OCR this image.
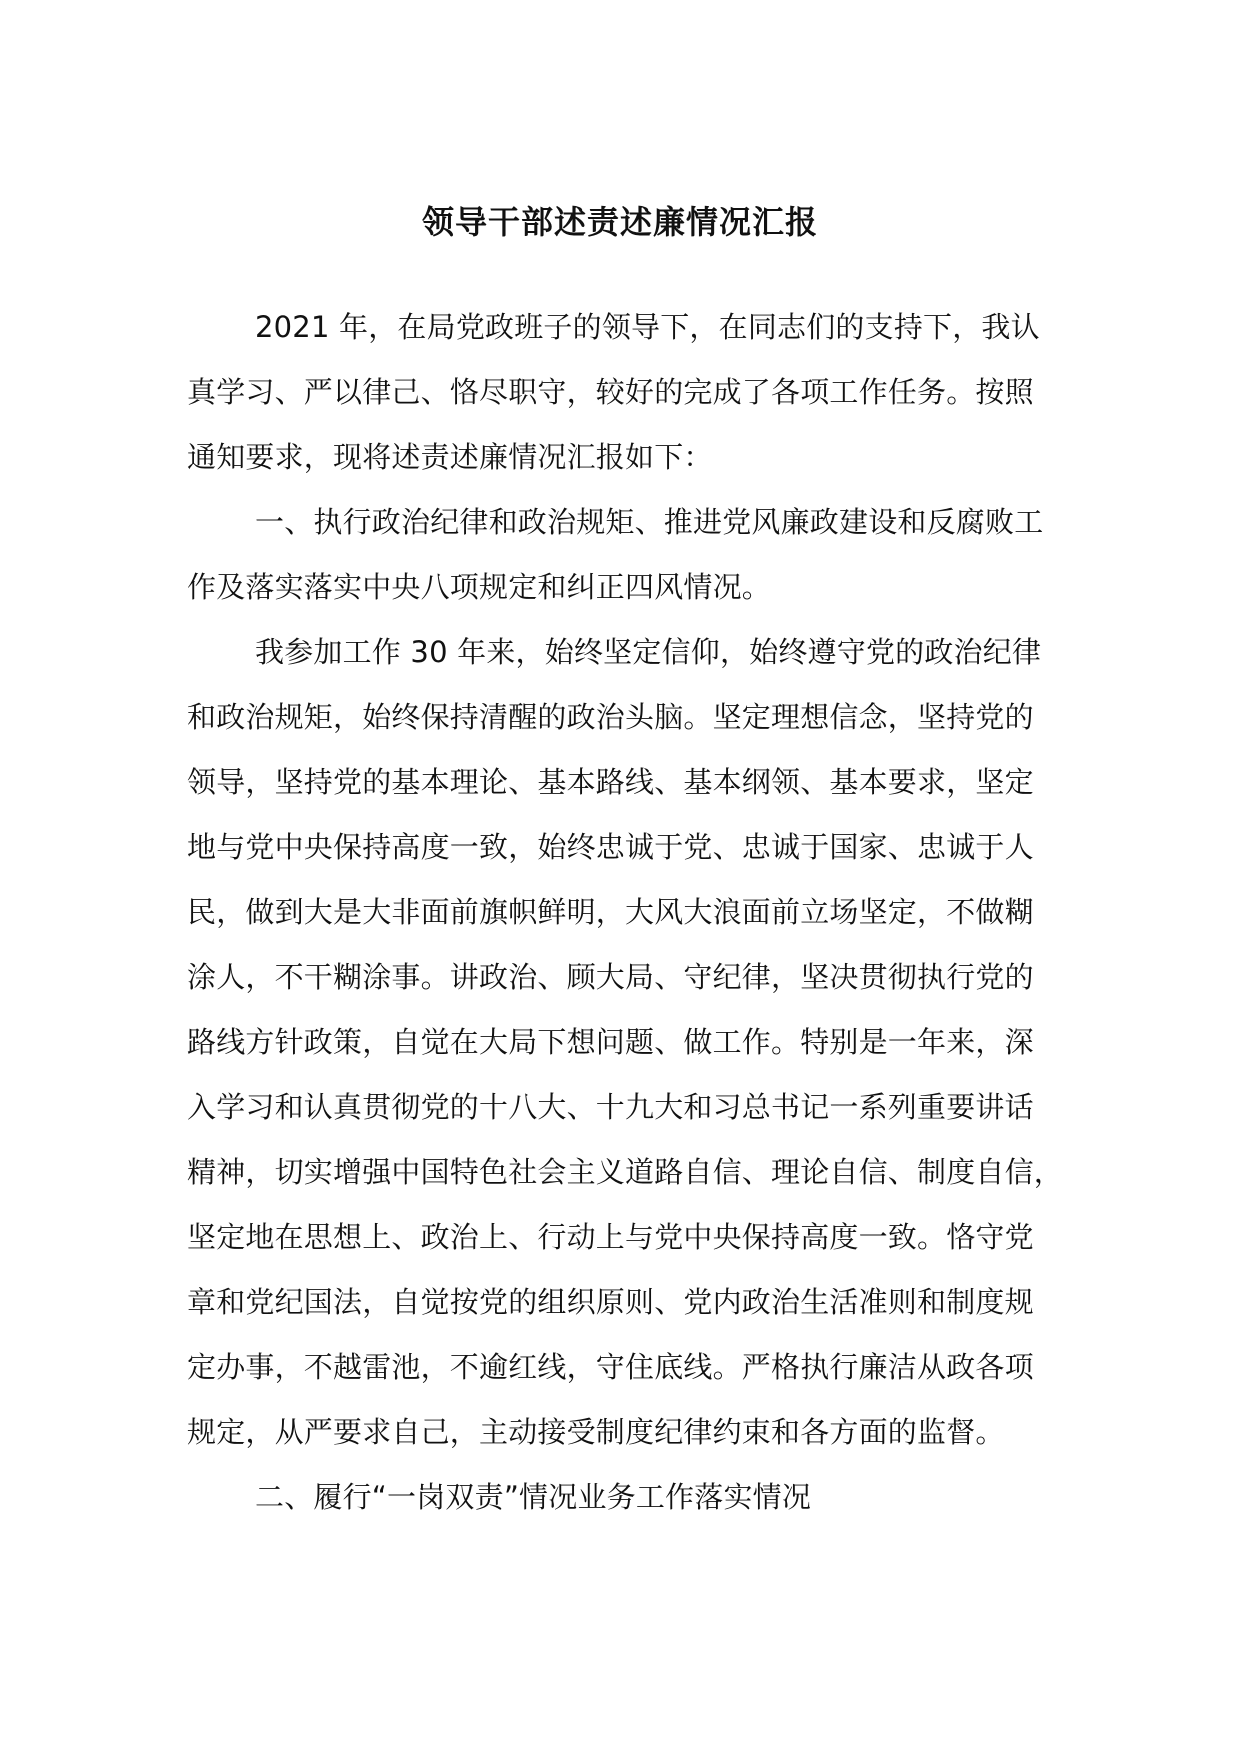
领导干部述责述廉情况汇报
2021 年，在局党政班子的领导下，在同志们的支持下，我认
真学习、严以律己、恪尽职守，较好的完成了各项工作任务。按照
通知要求，现将述责述廉情况汇报如下：
一、执行政治纪律和政治规矩、推进党风廉政建设和反腐败工
作及落实落实中央八项规定和纠正四风情况。
我参加工作 30 年来，始终坚定信仰，始终遵守党的政治纪律
和政治规矩，始终保持清醒的政治头脑。坚定理想信念，坚持党的
领导，坚持党的基本理论、基本路线、基本纲领、基本要求，坚定
地与党中央保持高度一致，始终忠诚于党、忠诚于国家、忠诚于人
民，做到大是大非面前旗帜鲜明，大风大浪面前立场坚定，不做糊
涂人，不干糊涂事。讲政治、顾大局、守纪律，坚决贯彻执行党的
路线方针政策，自觉在大局下想问题、做工作。特别是一年来，深
入学习和认真贯彻党的十八大、十九大和习总书记一系列重要讲话
精神，切实增强中国特色社会主义道路自信、理论自信、制度自信，
坚定地在思想上、政治上、行动上与党中央保持高度一致。恪守党
章和党纪国法，自觉按党的组织原则、党内政治生活准则和制度规
定办事，不越雷池，不逾红线，守住底线。严格执行廉洁从政各项
规定，从严要求自己，主动接受制度纪律约束和各方面的监督。
二、履行“一岗双责”情况业务工作落实情况
